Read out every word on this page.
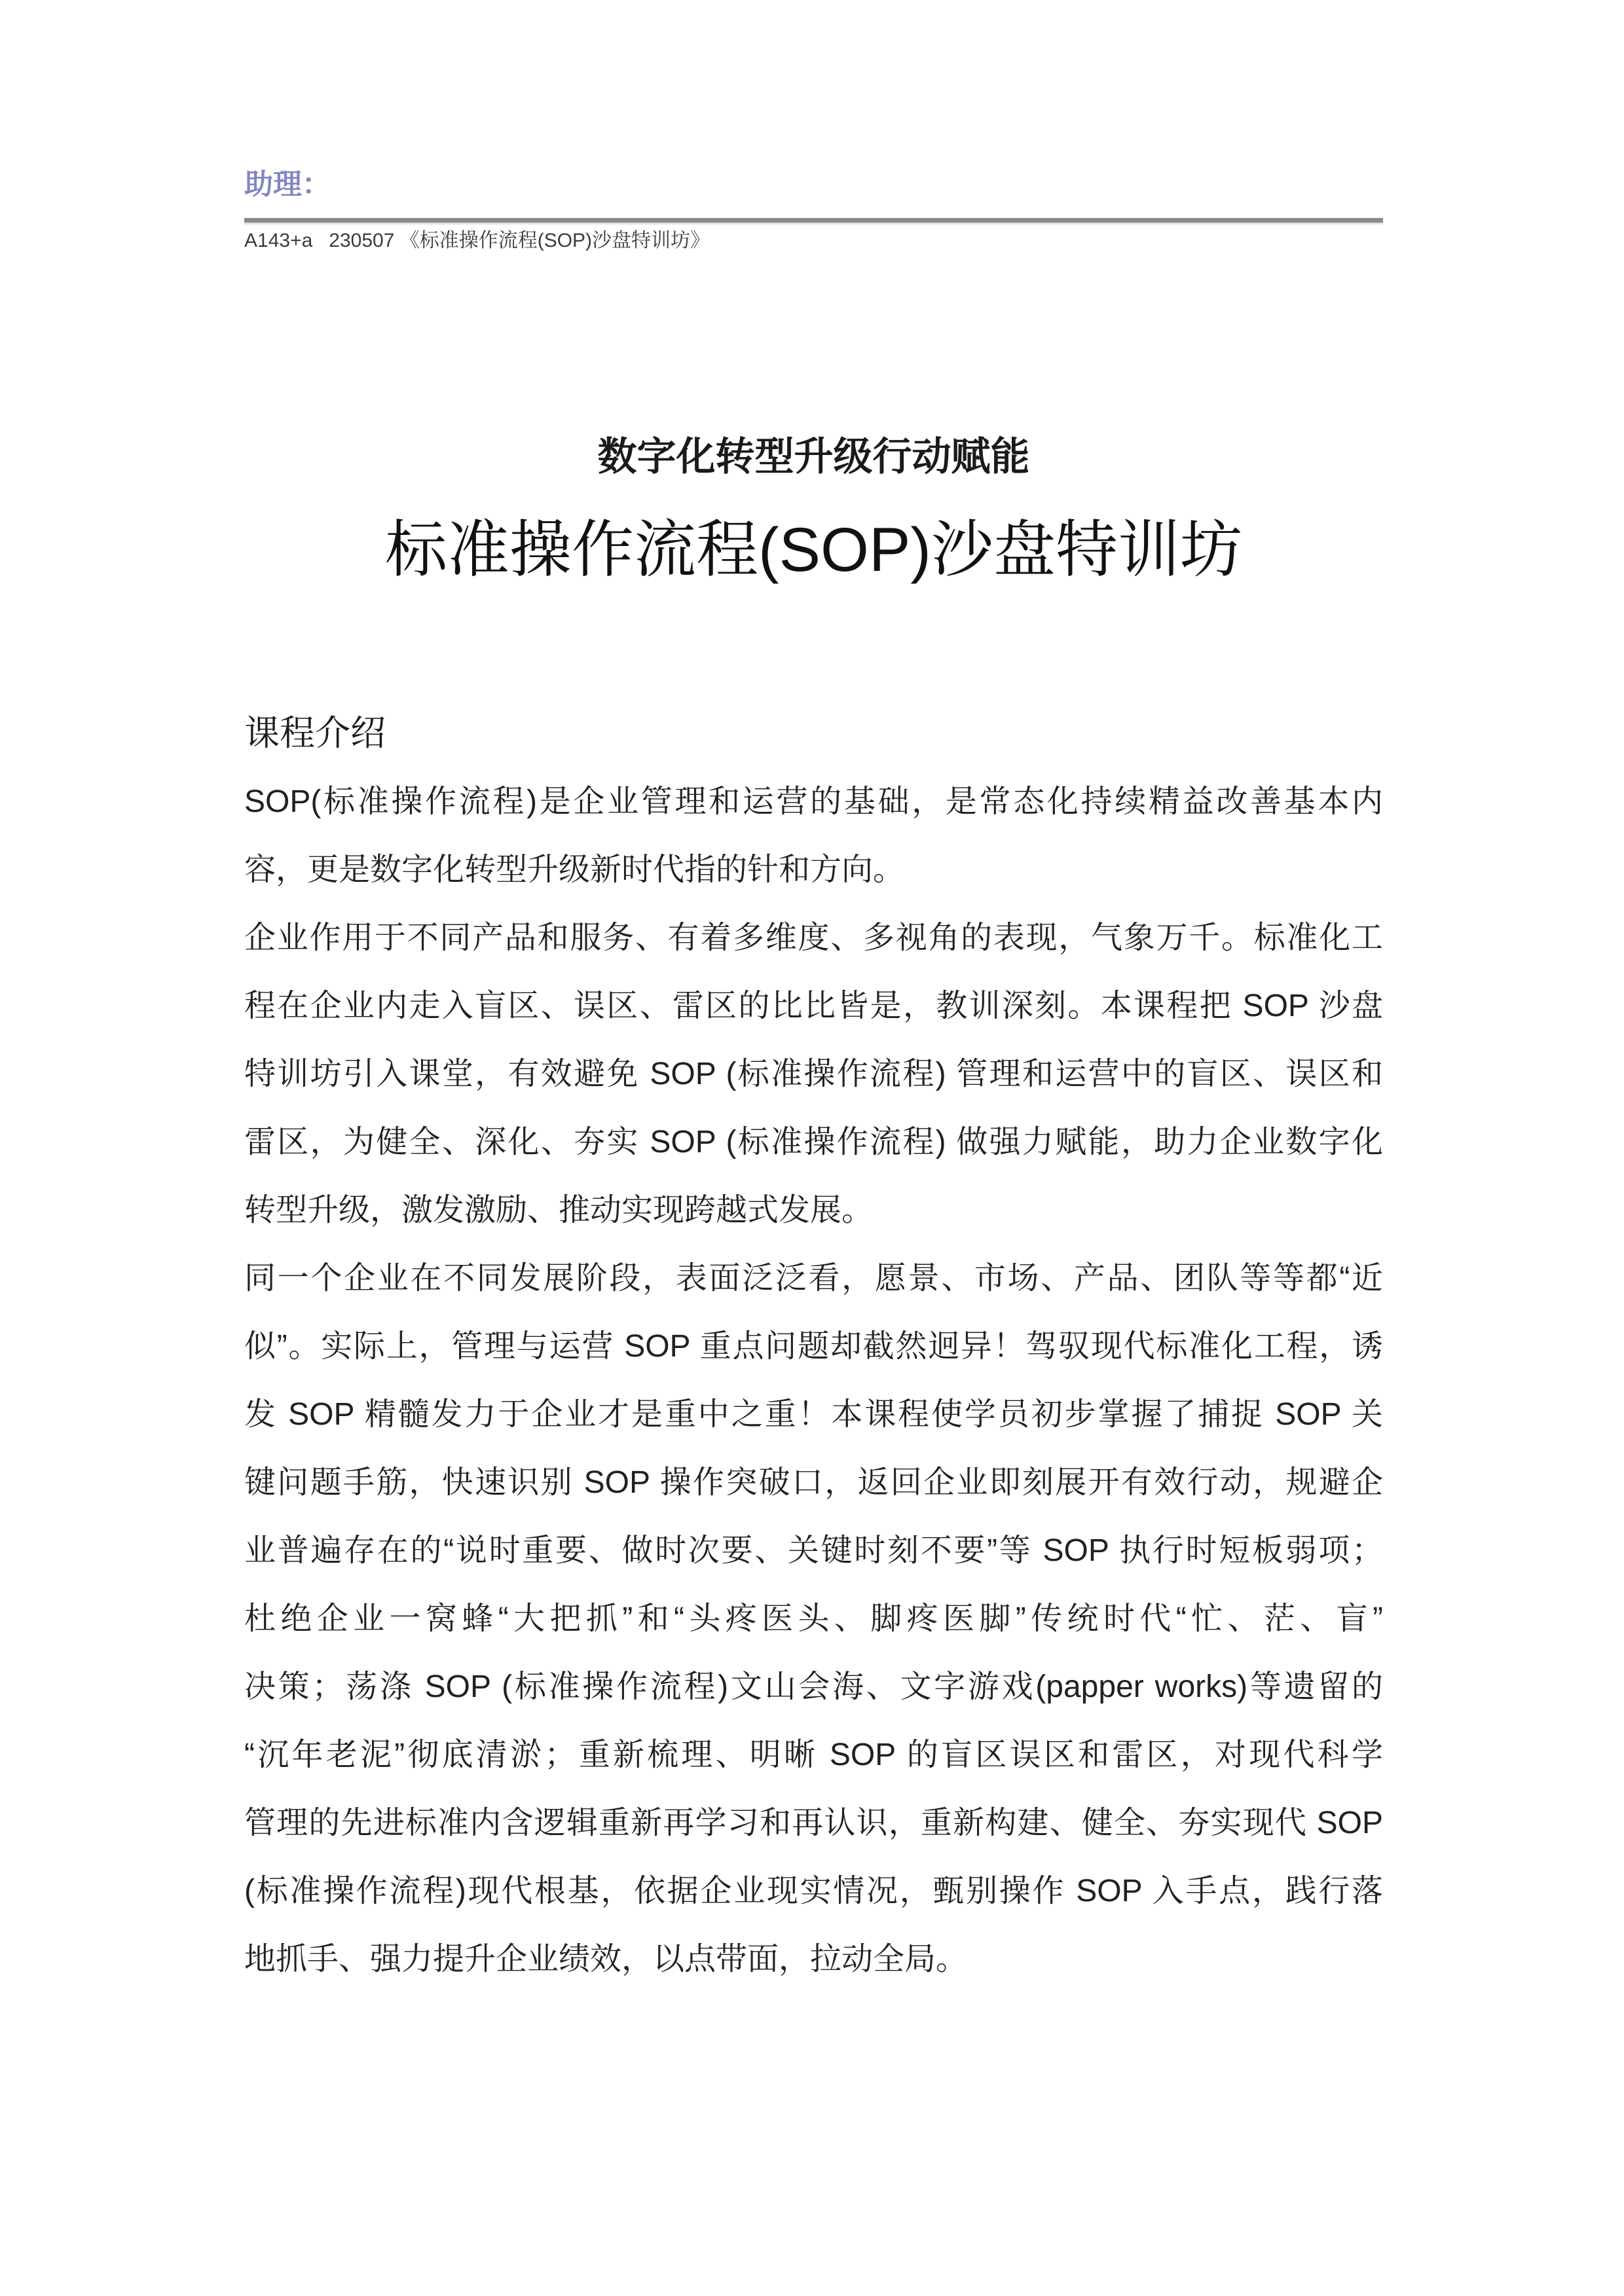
助理：
A143+a   230507 《标准操作流程(SOP)沙盘特训坊》
数字化转型升级行动赋能
标准操作流程(SOP)沙盘特训坊
课程介绍
SOP(标准操作流程)是企业管理和运营的基础，是常态化持续精益改善基本内
容，更是数字化转型升级新时代指的针和方向。
企业作用于不同产品和服务、有着多维度、多视角的表现，气象万千。标准化工
程在企业内走入盲区、误区、雷区的比比皆是，教训深刻。本课程把 SOP 沙盘
特训坊引入课堂，有效避免 SOP (标准操作流程) 管理和运营中的盲区、误区和
雷区，为健全、深化、夯实 SOP (标准操作流程) 做强力赋能，助力企业数字化
转型升级，激发激励、推动实现跨越式发展。
同一个企业在不同发展阶段，表面泛泛看，愿景、市场、产品、团队等等都“近
似”。实际上，管理与运营 SOP 重点问题却截然迥异！驾驭现代标准化工程，诱
发 SOP 精髓发力于企业才是重中之重！本课程使学员初步掌握了捕捉 SOP 关
键问题手筋，快速识别 SOP 操作突破口，返回企业即刻展开有效行动，规避企
业普遍存在的“说时重要、做时次要、关键时刻不要”等 SOP 执行时短板弱项；
杜绝企业一窝蜂“大把抓”和“头疼医头、脚疼医脚”传统时代“忙、茫、盲”
决策；荡涤 SOP (标准操作流程)文山会海、文字游戏(papper works)等遗留的
“沉年老泥”彻底清淤；重新梳理、明晰 SOP 的盲区误区和雷区，对现代科学
管理的先进标准内含逻辑重新再学习和再认识，重新构建、健全、夯实现代 SOP
(标准操作流程)现代根基，依据企业现实情况，甄别操作 SOP 入手点，践行落
地抓手、强力提升企业绩效，以点带面，拉动全局。
